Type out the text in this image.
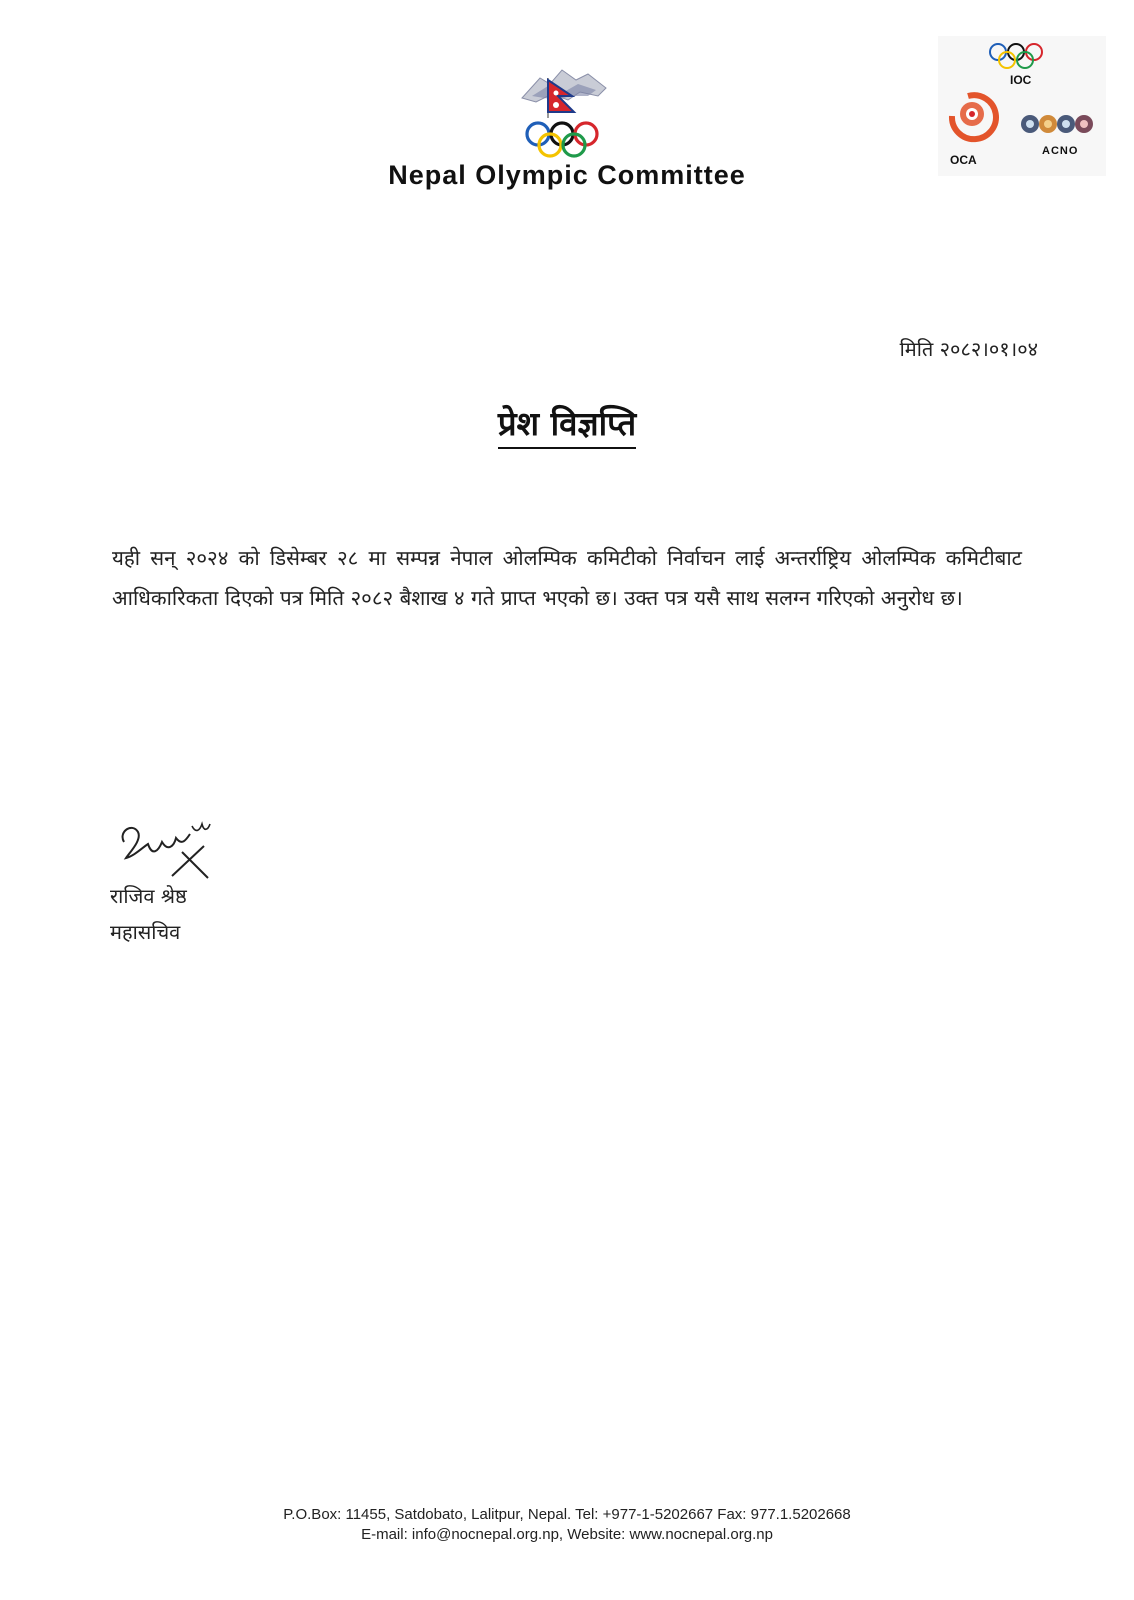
Nepal Olympic Committee
IOC
OCA
ACNO
मिति २०८२।०१।०४
प्रेश विज्ञप्ति
यही सन् २०२४ को डिसेम्बर २८ मा सम्पन्न नेपाल ओलम्पिक कमिटीको निर्वाचन लाई अन्तर्राष्ट्रिय ओलम्पिक कमिटीबाट आधिकारिकता दिएको पत्र मिति २०८२ बैशाख ४ गते प्राप्त भएको छ। उक्त पत्र यसै साथ सलग्न गरिएको अनुरोध छ।
राजिव श्रेष्ठ
महासचिव
P.O.Box: 11455, Satdobato, Lalitpur, Nepal. Tel: +977-1-5202667 Fax: 977.1.5202668
E-mail: info@nocnepal.org.np, Website: www.nocnepal.org.np
